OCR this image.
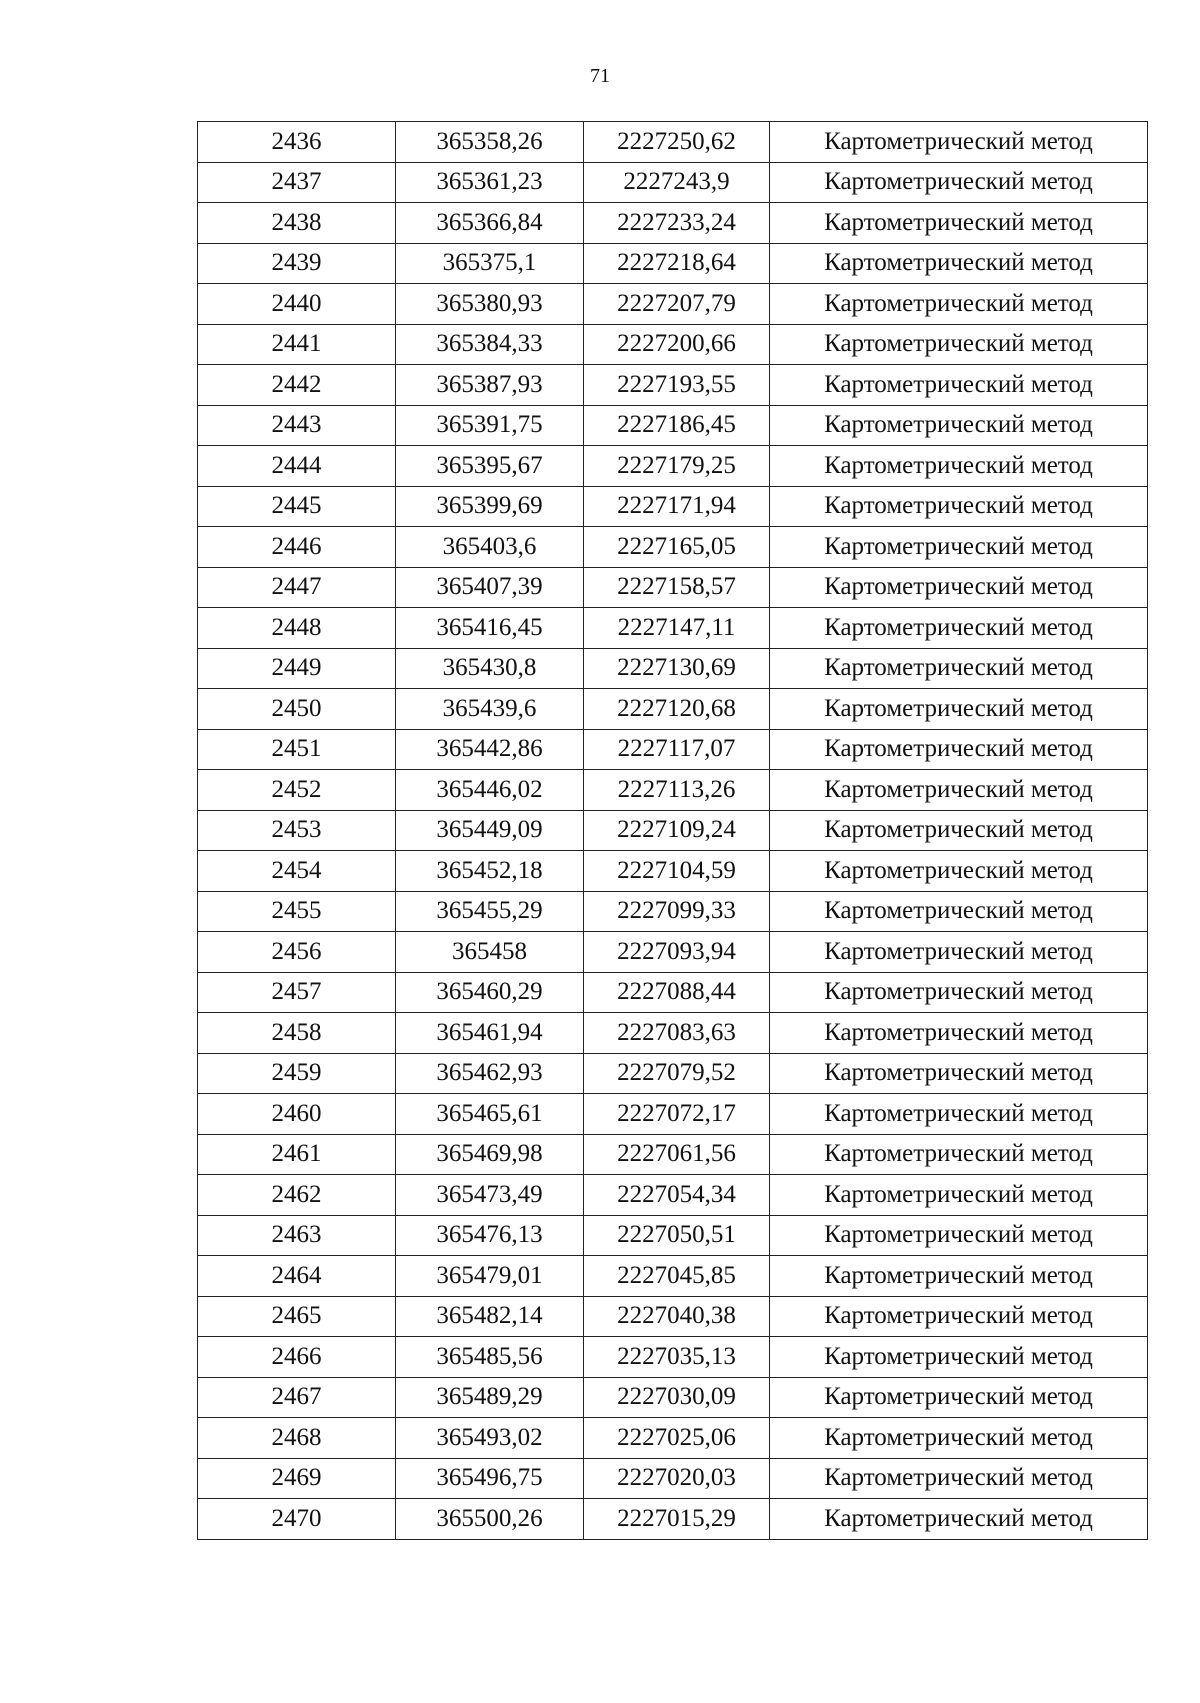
71
2436	365358,26	2227250,62	Картометрический метод
2437	365361,23	2227243,9	Картометрический метод
2438	365366,84	2227233,24	Картометрический метод
2439	365375,1	2227218,64	Картометрический метод
2440	365380,93	2227207,79	Картометрический метод
2441	365384,33	2227200,66	Картометрический метод
2442	365387,93	2227193,55	Картометрический метод
2443	365391,75	2227186,45	Картометрический метод
2444	365395,67	2227179,25	Картометрический метод
2445	365399,69	2227171,94	Картометрический метод
2446	365403,6	2227165,05	Картометрический метод
2447	365407,39	2227158,57	Картометрический метод
2448	365416,45	2227147,11	Картометрический метод
2449	365430,8	2227130,69	Картометрический метод
2450	365439,6	2227120,68	Картометрический метод
2451	365442,86	2227117,07	Картометрический метод
2452	365446,02	2227113,26	Картометрический метод
2453	365449,09	2227109,24	Картометрический метод
2454	365452,18	2227104,59	Картометрический метод
2455	365455,29	2227099,33	Картометрический метод
2456	365458	2227093,94	Картометрический метод
2457	365460,29	2227088,44	Картометрический метод
2458	365461,94	2227083,63	Картометрический метод
2459	365462,93	2227079,52	Картометрический метод
2460	365465,61	2227072,17	Картометрический метод
2461	365469,98	2227061,56	Картометрический метод
2462	365473,49	2227054,34	Картометрический метод
2463	365476,13	2227050,51	Картометрический метод
2464	365479,01	2227045,85	Картометрический метод
2465	365482,14	2227040,38	Картометрический метод
2466	365485,56	2227035,13	Картометрический метод
2467	365489,29	2227030,09	Картометрический метод
2468	365493,02	2227025,06	Картометрический метод
2469	365496,75	2227020,03	Картометрический метод
2470	365500,26	2227015,29	Картометрический метод
